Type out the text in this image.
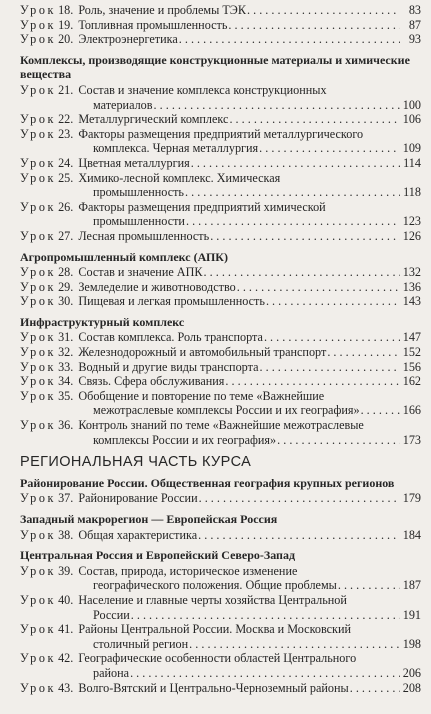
Урок 18. Роль, значение и проблемы ТЭК . . .	83
Урок 19. Топливная промышленность . . .	87
Урок 20. Электроэнергетика . . .	93
Комплексы, производящие конструкционные материалы и химические вещества
Урок 21. Состав и значение комплекса конструкционных
материалов . . .	100
Урок 22. Металлургический комплекс . . .	106
Урок 23. Факторы размещения предприятий металлургического
комплекса. Черная металлургия . . .	109
Урок 24. Цветная металлургия . . .	114
Урок 25. Химико-лесной комплекс. Химическая
промышленность . . .	118
Урок 26. Факторы размещения предприятий химической
промышленности . . .	123
Урок 27. Лесная промышленность . . .	126
Агропромышленный комплекс (АПК)
Урок 28. Состав и значение АПК . . .	132
Урок 29. Земледелие и животноводство . . .	136
Урок 30. Пищевая и легкая промышленность . . .	143
Инфраструктурный комплекс
Урок 31. Состав комплекса. Роль транспорта . . .	147
Урок 32. Железнодорожный и автомобильный транспорт . . .	152
Урок 33. Водный и другие виды транспорта . . .	156
Урок 34. Связь. Сфера обслуживания . . .	162
Урок 35. Обобщение и повторение по теме «Важнейшие
межотраслевые комплексы России и их география» . . .	166
Урок 36. Контроль знаний по теме «Важнейшие межотраслевые
комплексы России и их география» . . .	173
РЕГИОНАЛЬНАЯ ЧАСТЬ КУРСА
Районирование России. Общественная география крупных регионов
Урок 37. Районирование России . . .	179
Западный макрорегион — Европейская Россия
Урок 38. Общая характеристика . . .	184
Центральная Россия и Европейский Северо-Запад
Урок 39. Состав, природа, историческое изменение
географического положения. Общие проблемы . . .	187
Урок 40. Население и главные черты хозяйства Центральной
России . . .	191
Урок 41. Районы Центральной России. Москва и Московский
столичный регион . . .	198
Урок 42. Географические особенности областей Центрального
района . . .	206
Урок 43. Волго-Вятский и Центрально-Черноземный районы . . .	208
